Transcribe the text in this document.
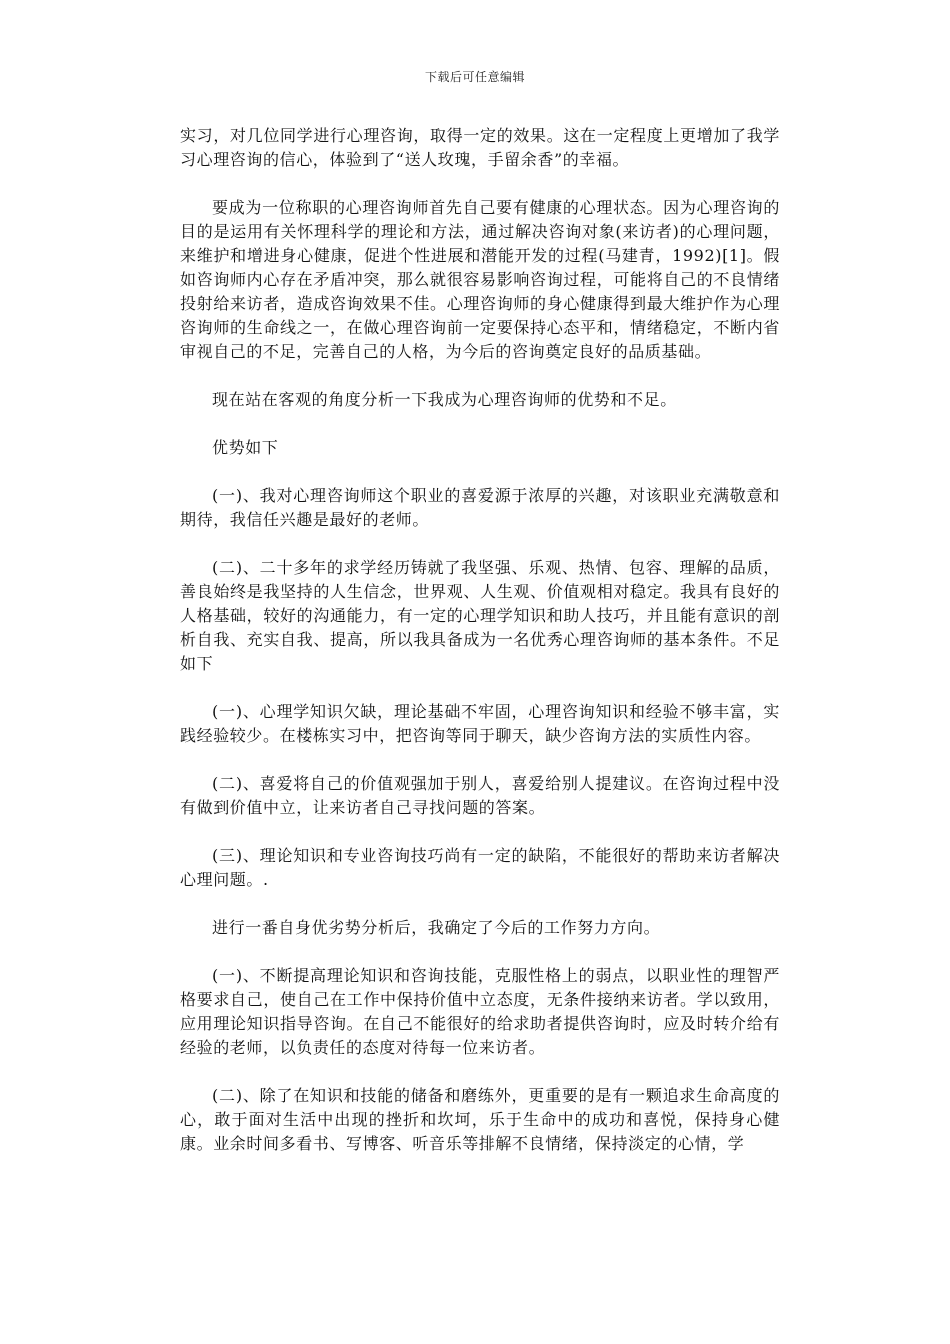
下载后可任意编辑

实习，对几位同学进行心理咨询，取得一定的效果。这在一定程度上更增加了我学习心理咨询的信心，体验到了“送人玫瑰，手留余香”的幸福。

要成为一位称职的心理咨询师首先自己要有健康的心理状态。因为心理咨询的目的是运用有关怀理科学的理论和方法，通过解决咨询对象(来访者)的心理问题，来维护和增进身心健康，促进个性进展和潜能开发的过程(马建青，1992)[1]。假如咨询师内心存在矛盾冲突，那么就很容易影响咨询过程，可能将自己的不良情绪投射给来访者，造成咨询效果不佳。心理咨询师的身心健康得到最大维护作为心理咨询师的生命线之一，在做心理咨询前一定要保持心态平和，情绪稳定，不断内省审视自己的不足，完善自己的人格，为今后的咨询奠定良好的品质基础。

现在站在客观的角度分析一下我成为心理咨询师的优势和不足。

优势如下

(一)、我对心理咨询师这个职业的喜爱源于浓厚的兴趣，对该职业充满敬意和期待，我信任兴趣是最好的老师。

(二)、二十多年的求学经历铸就了我坚强、乐观、热情、包容、理解的品质，善良始终是我坚持的人生信念，世界观、人生观、价值观相对稳定。我具有良好的人格基础，较好的沟通能力，有一定的心理学知识和助人技巧，并且能有意识的剖析自我、充实自我、提高，所以我具备成为一名优秀心理咨询师的基本条件。不足如下

(一)、心理学知识欠缺，理论基础不牢固，心理咨询知识和经验不够丰富，实践经验较少。在楼栋实习中，把咨询等同于聊天，缺少咨询方法的实质性内容。

(二)、喜爱将自己的价值观强加于别人，喜爱给别人提建议。在咨询过程中没有做到价值中立，让来访者自己寻找问题的答案。

(三)、理论知识和专业咨询技巧尚有一定的缺陷，不能很好的帮助来访者解决心理问题。.

进行一番自身优劣势分析后，我确定了今后的工作努力方向。

(一)、不断提高理论知识和咨询技能，克服性格上的弱点，以职业性的理智严格要求自己，使自己在工作中保持价值中立态度，无条件接纳来访者。学以致用，应用理论知识指导咨询。在自己不能很好的给求助者提供咨询时，应及时转介给有经验的老师，以负责任的态度对待每一位来访者。

(二)、除了在知识和技能的储备和磨练外，更重要的是有一颗追求生命高度的心，敢于面对生活中出现的挫折和坎坷，乐于生命中的成功和喜悦，保持身心健康。业余时间多看书、写博客、听音乐等排解不良情绪，保持淡定的心情，学
